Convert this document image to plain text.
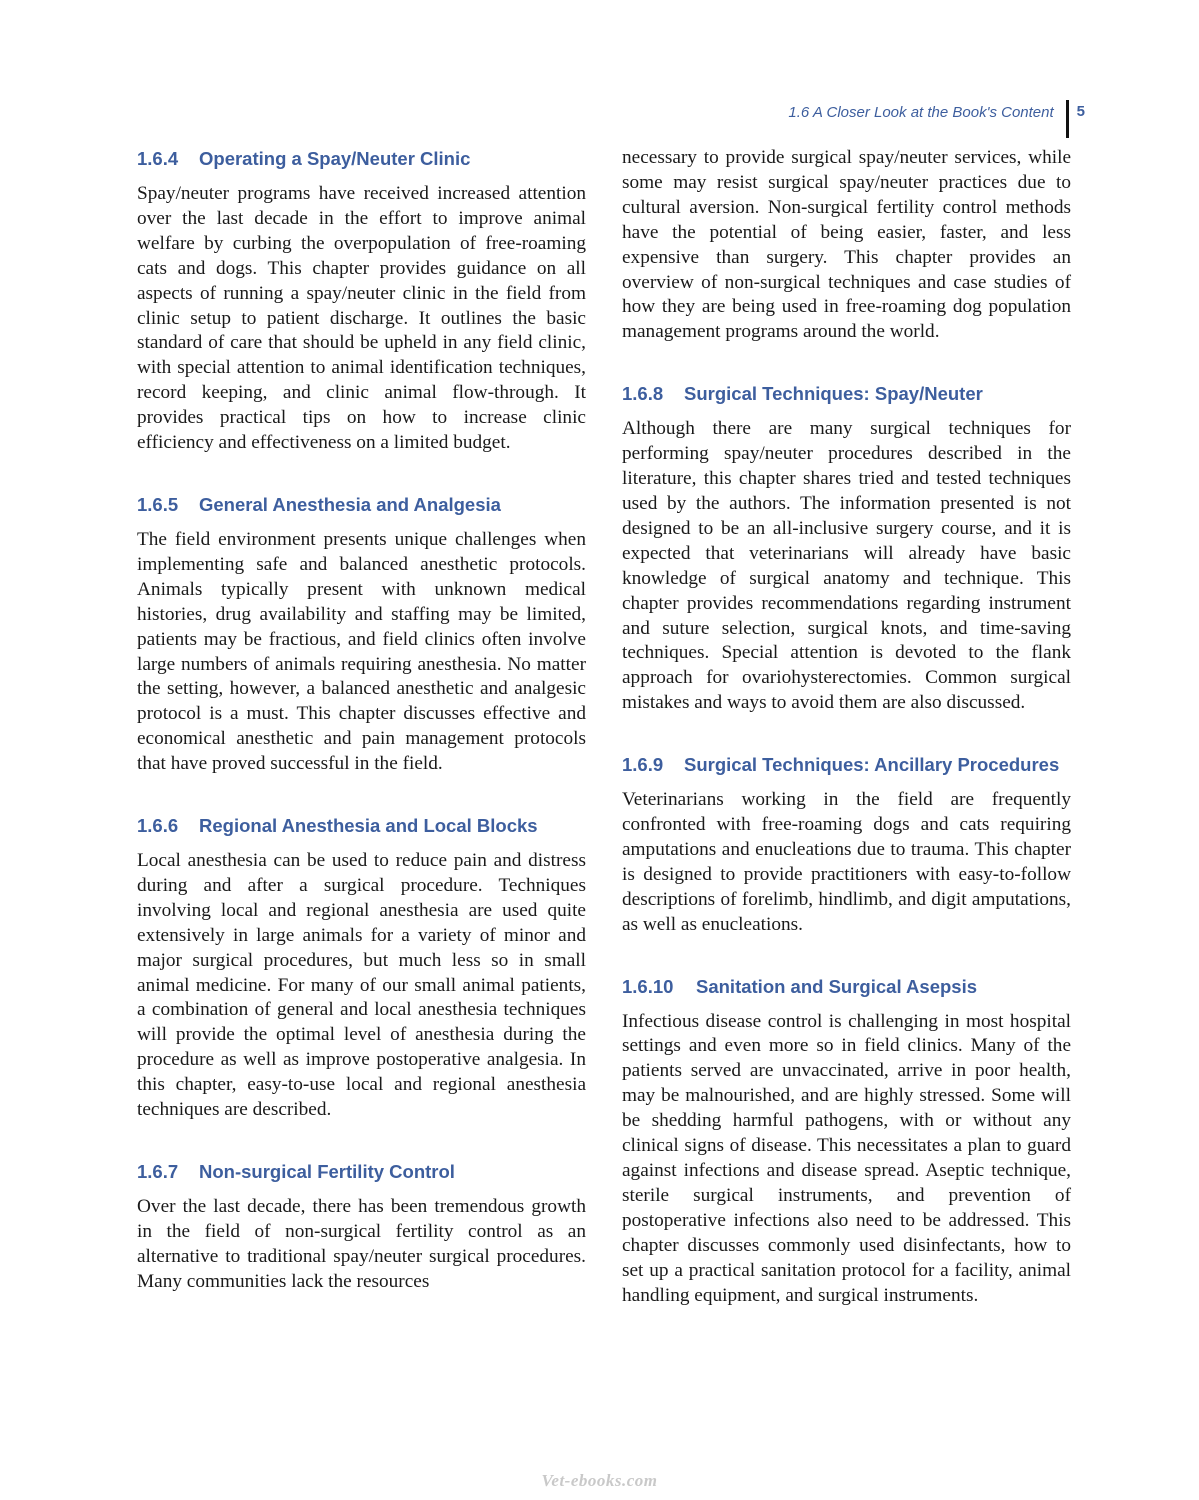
1.6 A Closer Look at the Book's Content 5
1.6.4 Operating a Spay/Neuter Clinic

Spay/neuter programs have received increased attention over the last decade in the effort to improve animal welfare by curbing the overpopulation of free-roaming cats and dogs. This chapter provides guidance on all aspects of running a spay/neuter clinic in the field from clinic setup to patient discharge. It outlines the basic standard of care that should be upheld in any field clinic, with special attention to animal identification techniques, record keeping, and clinic animal flow-through. It provides practical tips on how to increase clinic efficiency and effectiveness on a limited budget.

1.6.5 General Anesthesia and Analgesia

The field environment presents unique challenges when implementing safe and balanced anesthetic protocols. Animals typically present with unknown medical histories, drug availability and staffing may be limited, patients may be fractious, and field clinics often involve large numbers of animals requiring anesthesia. No matter the setting, however, a balanced anesthetic and analgesic protocol is a must. This chapter discusses effective and economical anesthetic and pain management protocols that have proved successful in the field.

1.6.6 Regional Anesthesia and Local Blocks

Local anesthesia can be used to reduce pain and distress during and after a surgical procedure. Techniques involving local and regional anesthesia are used quite extensively in large animals for a variety of minor and major surgical procedures, but much less so in small animal medicine. For many of our small animal patients, a combination of general and local anesthesia techniques will provide the optimal level of anesthesia during the procedure as well as improve postoperative analgesia. In this chapter, easy-to-use local and regional anesthesia techniques are described.

1.6.7 Non-surgical Fertility Control

Over the last decade, there has been tremendous growth in the field of non-surgical fertility control as an alternative to traditional spay/neuter surgical procedures. Many communities lack the resources

necessary to provide surgical spay/neuter services, while some may resist surgical spay/neuter practices due to cultural aversion. Non-surgical fertility control methods have the potential of being easier, faster, and less expensive than surgery. This chapter provides an overview of non-surgical techniques and case studies of how they are being used in free-roaming dog population management programs around the world.

1.6.8 Surgical Techniques: Spay/Neuter

Although there are many surgical techniques for performing spay/neuter procedures described in the literature, this chapter shares tried and tested techniques used by the authors. The information presented is not designed to be an all-inclusive surgery course, and it is expected that veterinarians will already have basic knowledge of surgical anatomy and technique. This chapter provides recommendations regarding instrument and suture selection, surgical knots, and time-saving techniques. Special attention is devoted to the flank approach for ovariohysterectomies. Common surgical mistakes and ways to avoid them are also discussed.

1.6.9 Surgical Techniques: Ancillary Procedures

Veterinarians working in the field are frequently confronted with free-roaming dogs and cats requiring amputations and enucleations due to trauma. This chapter is designed to provide practitioners with easy-to-follow descriptions of forelimb, hindlimb, and digit amputations, as well as enucleations.

1.6.10 Sanitation and Surgical Asepsis

Infectious disease control is challenging in most hospital settings and even more so in field clinics. Many of the patients served are unvaccinated, arrive in poor health, may be malnourished, and are highly stressed. Some will be shedding harmful pathogens, with or without any clinical signs of disease. This necessitates a plan to guard against infections and disease spread. Aseptic technique, sterile surgical instruments, and prevention of postoperative infections also need to be addressed. This chapter discusses commonly used disinfectants, how to set up a practical sanitation protocol for a facility, animal handling equipment, and surgical instruments.

Vet-ebooks.com
